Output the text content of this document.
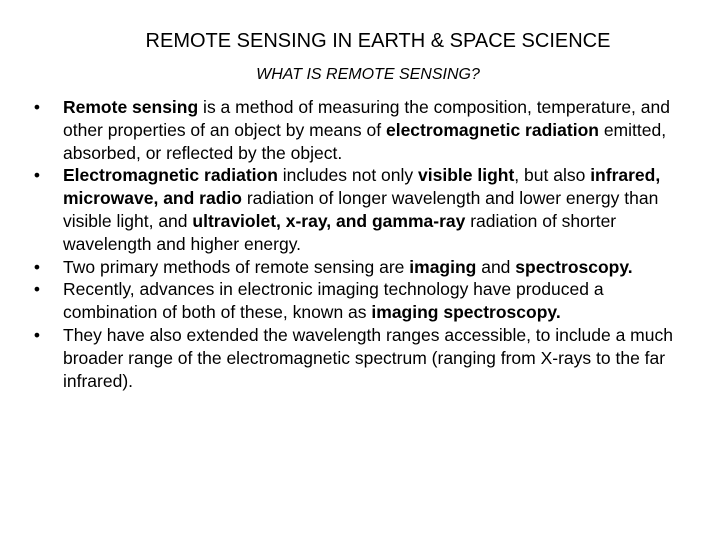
REMOTE SENSING IN EARTH & SPACE SCIENCE
WHAT IS REMOTE SENSING?
• Remote sensing is a method of measuring the composition, temperature, and other properties of an object by means of electromagnetic radiation emitted, absorbed, or reflected by the object.
• Electromagnetic radiation includes not only visible light, but also infrared, microwave, and radio radiation of longer wavelength and lower energy than visible light, and ultraviolet, x-ray, and gamma-ray radiation of shorter wavelength and higher energy.
• Two primary methods of remote sensing are imaging and spectroscopy.
• Recently, advances in electronic imaging technology have produced a combination of both of these, known as imaging spectroscopy.
• They have also extended the wavelength ranges accessible, to include a much broader range of the electromagnetic spectrum (ranging from X-rays to the far infrared).
